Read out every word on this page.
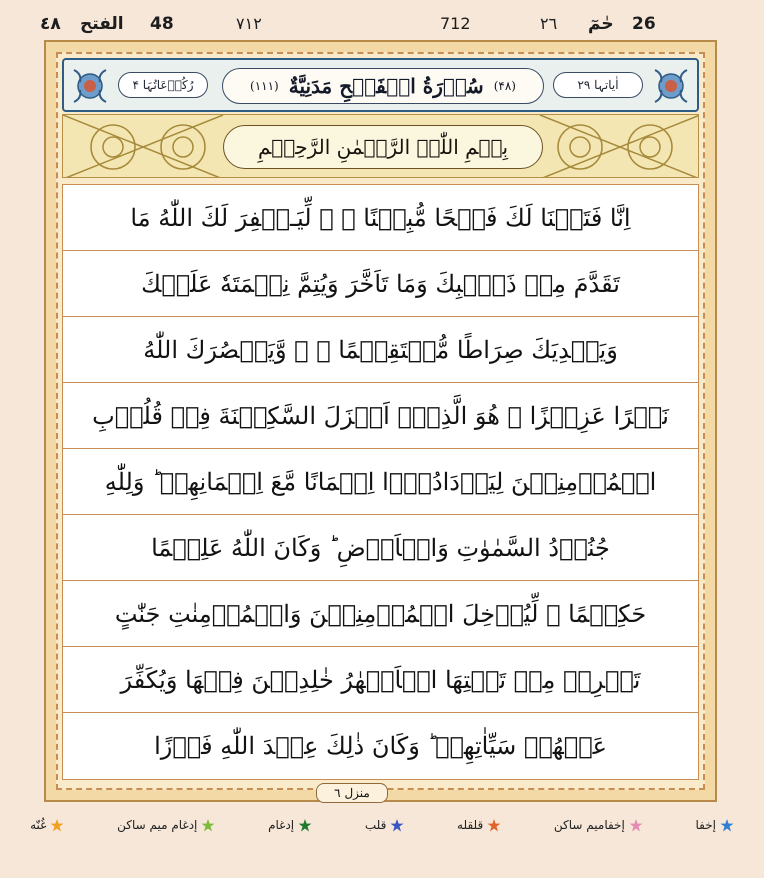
٤٨ الفتح 48	٧١٢	712	٢٦ حٰمٓ 26
رُکُوۡعَاتُہَا ۴	(۱۱۱) سُوۡرَةُ الۡفَتۡحِ مَدَنِیَّةٌ (۴۸)	اٰیاتہا ۲۹
بِسۡمِ اللّٰہِ الرَّحۡمٰنِ الرَّحِیۡمِ
اِنَّا فَتَحۡنَا لَكَ فَتۡحًا مُّبِيۡنًا ۙ ۞ لِّيَـغۡفِرَ لَكَ اللّٰهُ مَا
تَقَدَّمَ مِنۡ ذَنۡۢبِكَ وَمَا تَاَخَّرَ وَيُتِمَّ نِعۡمَتَهٗ عَلَيۡكَ
وَيَهۡدِيَكَ صِرَاطًا مُّسۡتَقِيۡمًا ۞ ۙ وَّيَنۡصُرَكَ اللّٰهُ
نَصۡرًا عَزِيۡزًا ۞ هُوَ الَّذِىۡۤ اَنۡزَلَ السَّكِيۡنَةَ فِىۡ قُلُوۡبِ
الۡمُؤۡمِنِيۡنَ لِيَزۡدَادُوۡۤا اِيۡمَانًا مَّعَ اِيۡمَانِهِمۡ ؕ وَلِلّٰهِ
جُنُوۡدُ السَّمٰوٰتِ وَالۡاَرۡضِ ؕ وَكَانَ اللّٰهُ عَلِيۡمًا
حَكِيۡمًا ۙ لِّيُدۡخِلَ الۡمُؤۡمِنِيۡنَ وَالۡمُؤۡمِنٰتِ جَنّٰتٍ
تَجۡرِىۡ مِنۡ تَحۡتِهَا الۡاَنۡهٰرُ خٰلِدِيۡنَ فِيۡهَا وَيُكَفِّرَ
عَنۡهُمۡ سَيِّاٰتِهِمۡ ؕ وَكَانَ ذٰلِكَ عِنۡدَ اللّٰهِ فَوۡزًا
منزل ٦
إخفا
إخفاميم ساكن
قلقله
قلب
إدغام
إدغام ميم ساكن
غُنّه
